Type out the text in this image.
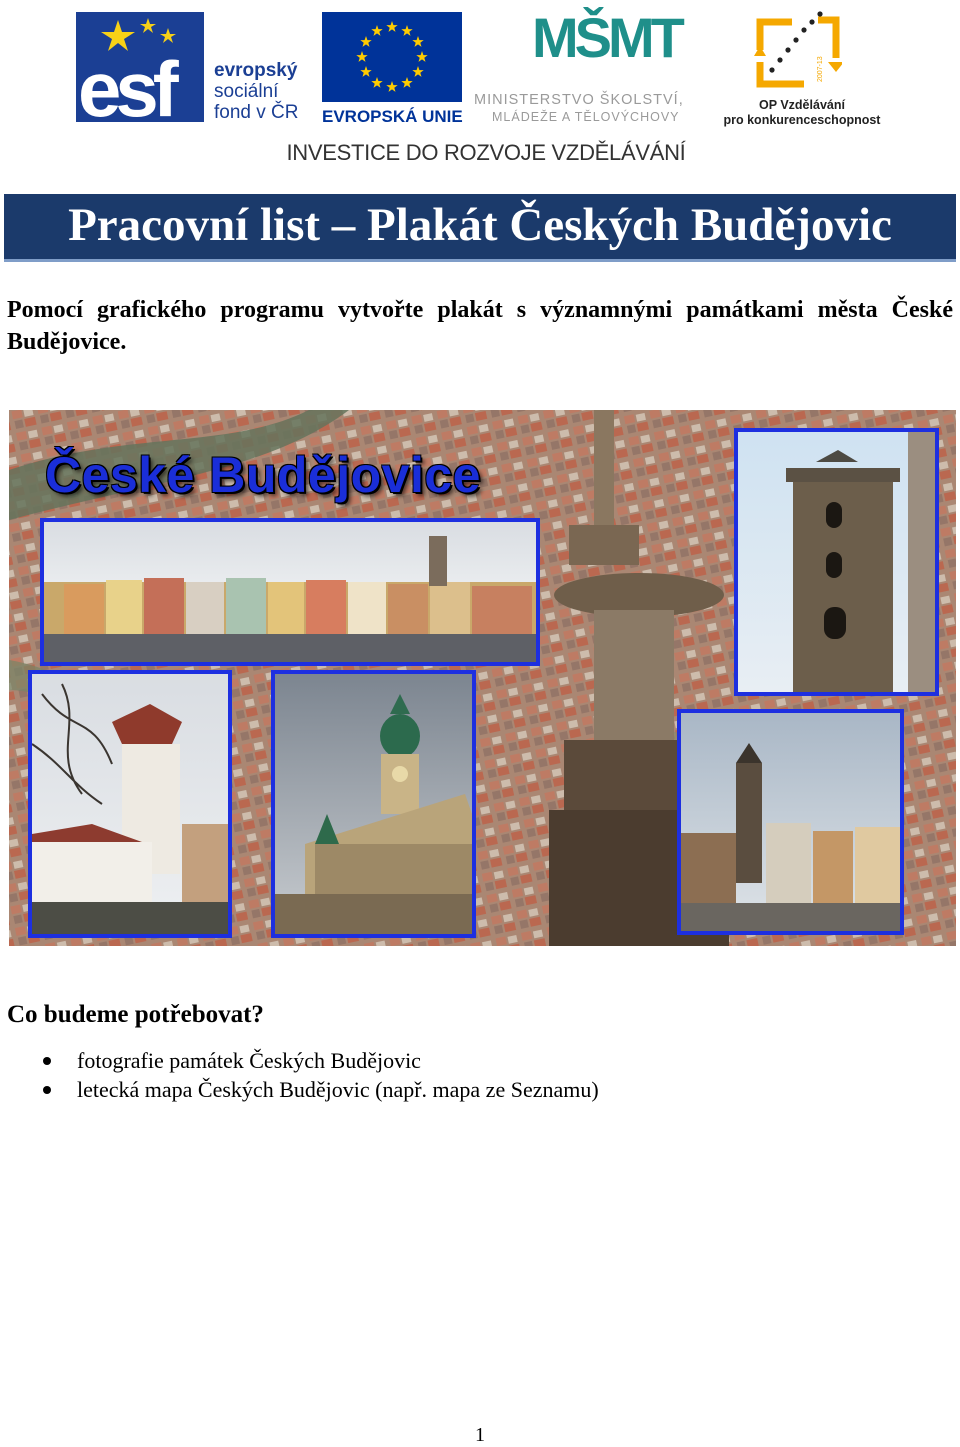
esf evropský
sociální
fond v ČR EVROPSKÁ UNIE
MŠMT
MINISTERSTVO ŠKOLSTVÍ,
MLÁDEŽE A TĚLOVÝCHOVY
2007-13
OP Vzdělávání
pro konkurenceschopnost
INVESTICE DO ROZVOJE VZDĚLÁVÁNÍ
Pracovní list – Plakát Českých Budějovic
Pomocí grafického programu vytvořte plakát s významnými památkami města České Budějovice.
České Budějovice
Co budeme potřebovat?
fotografie památek Českých Budějovic
letecká mapa Českých Budějovic (např. mapa ze Seznamu)
1
